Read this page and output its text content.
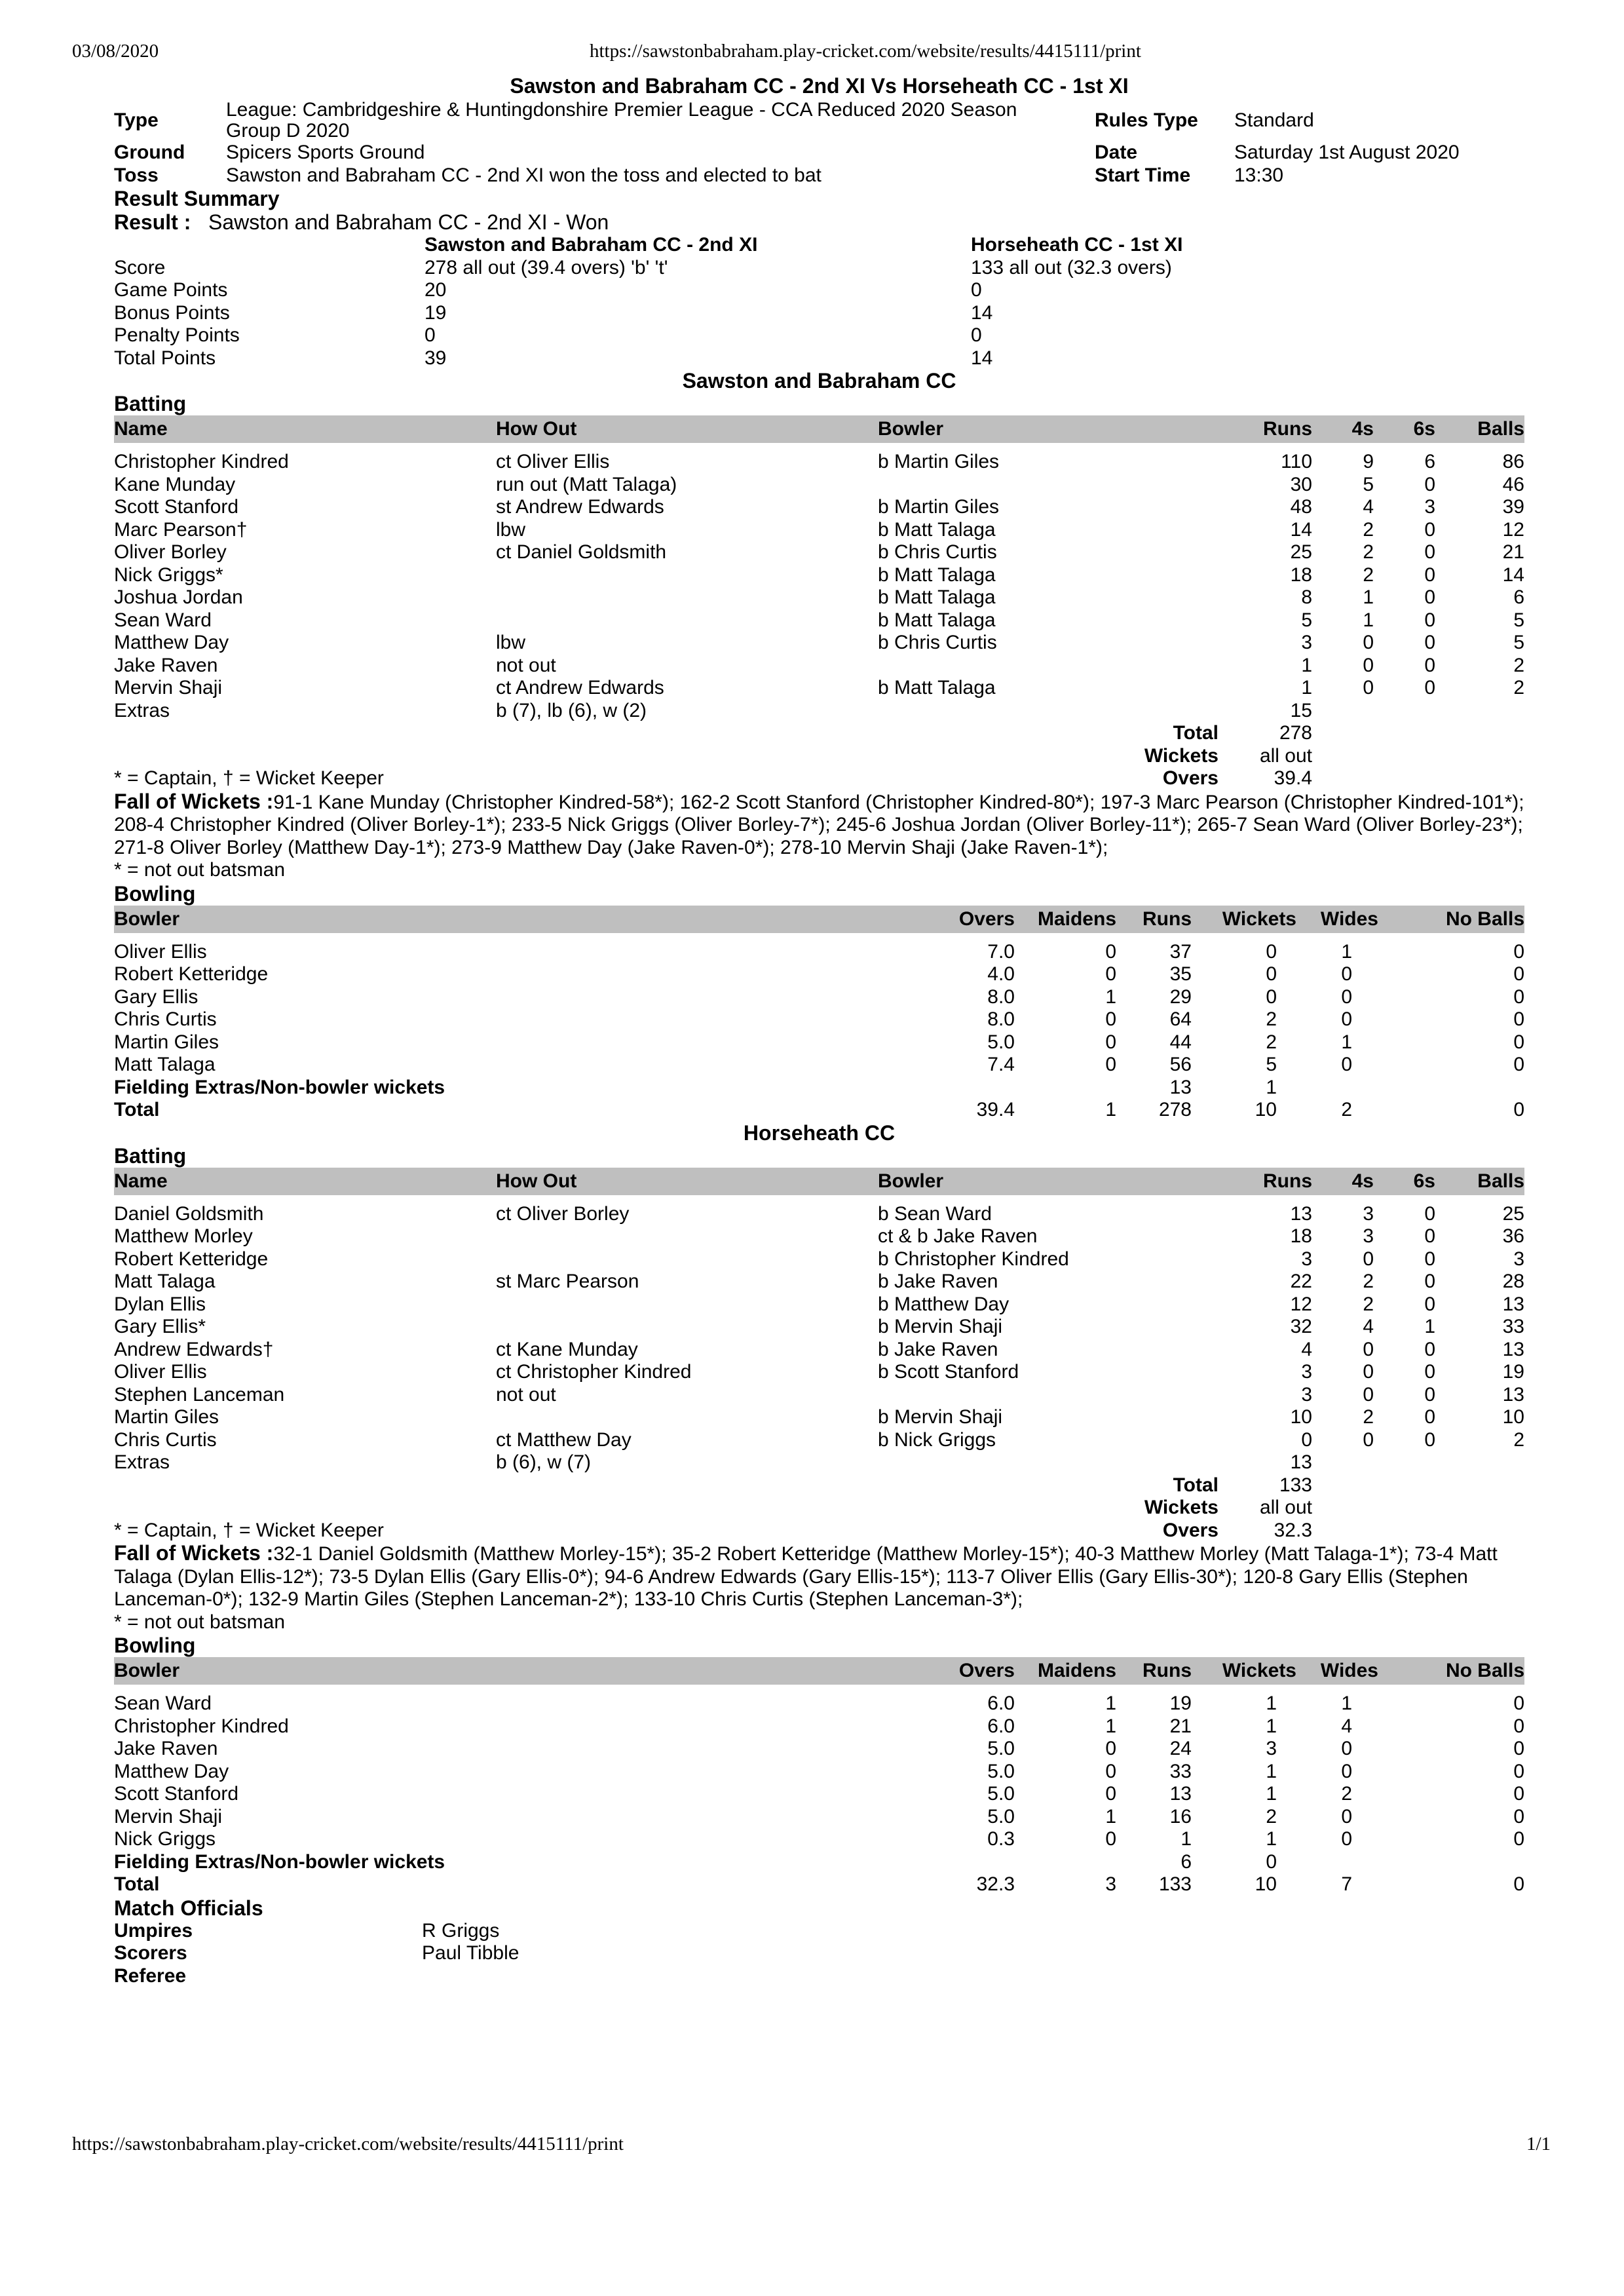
03/08/2020	https://sawstonbabraham.play-cricket.com/website/results/4415111/print
Sawston and Babraham CC - 2nd XI Vs Horseheath CC - 1st XI
Type	League: Cambridgeshire & Huntingdonshire Premier League - CCA Reduced 2020 Season Group D 2020	Rules Type	Standard
Ground	Spicers Sports Ground	Date	Saturday 1st August 2020
Toss	Sawston and Babraham CC - 2nd XI won the toss and elected to bat	Start Time	13:30
Result Summary
Result : Sawston and Babraham CC - 2nd XI - Won
	Sawston and Babraham CC - 2nd XI	Horseheath CC - 1st XI
Score	278 all out (39.4 overs) 'b' 't'	133 all out (32.3 overs)
Game Points	20	0
Bonus Points	19	14
Penalty Points	0	0
Total Points	39	14
Sawston and Babraham CC
Batting
Name	How Out	Bowler	Runs	4s	6s	Balls

Christopher Kindred	ct Oliver Ellis	b Martin Giles	110	9	6	86
Kane Munday	run out (Matt Talaga)		30	5	0	46
Scott Stanford	st Andrew Edwards	b Martin Giles	48	4	3	39
Marc Pearson†	lbw	b Matt Talaga	14	2	0	12
Oliver Borley	ct Daniel Goldsmith	b Chris Curtis	25	2	0	21
Nick Griggs*		b Matt Talaga	18	2	0	14
Joshua Jordan		b Matt Talaga	8	1	0	6
Sean Ward		b Matt Talaga	5	1	0	5
Matthew Day	lbw	b Chris Curtis	3	0	0	5
Jake Raven	not out		1	0	0	2
Mervin Shaji	ct Andrew Edwards	b Matt Talaga	1	0	0	2
Extras	b (7), lb (6), w (2)		15			
		Total	278			
		Wickets	all out			
* = Captain, † = Wicket Keeper		Overs	39.4			
Fall of Wickets :91-1 Kane Munday (Christopher Kindred-58*); 162-2 Scott Stanford (Christopher Kindred-80*); 197-3 Marc Pearson (Christopher Kindred-101*); 208-4 Christopher Kindred (Oliver Borley-1*); 233-5 Nick Griggs (Oliver Borley-7*); 245-6 Joshua Jordan (Oliver Borley-11*); 265-7 Sean Ward (Oliver Borley-23*); 271-8 Oliver Borley (Matthew Day-1*); 273-9 Matthew Day (Jake Raven-0*); 278-10 Mervin Shaji (Jake Raven-1*);
* = not out batsman
Bowling
Bowler	Overs	Maidens	Runs	Wickets	Wides	No Balls

Oliver Ellis	7.0	0	37	0	1	0
Robert Ketteridge	4.0	0	35	0	0	0
Gary Ellis	8.0	1	29	0	0	0
Chris Curtis	8.0	0	64	2	0	0
Martin Giles	5.0	0	44	2	1	0
Matt Talaga	7.4	0	56	5	0	0
Fielding Extras/Non-bowler wickets			13	1		
Total	39.4	1	278	10	2	0
Horseheath CC
Batting
Name	How Out	Bowler	Runs	4s	6s	Balls

Daniel Goldsmith	ct Oliver Borley	b Sean Ward	13	3	0	25
Matthew Morley		ct & b Jake Raven	18	3	0	36
Robert Ketteridge		b Christopher Kindred	3	0	0	3
Matt Talaga	st Marc Pearson	b Jake Raven	22	2	0	28
Dylan Ellis		b Matthew Day	12	2	0	13
Gary Ellis*		b Mervin Shaji	32	4	1	33
Andrew Edwards†	ct Kane Munday	b Jake Raven	4	0	0	13
Oliver Ellis	ct Christopher Kindred	b Scott Stanford	3	0	0	19
Stephen Lanceman	not out		3	0	0	13
Martin Giles		b Mervin Shaji	10	2	0	10
Chris Curtis	ct Matthew Day	b Nick Griggs	0	0	0	2
Extras	b (6), w (7)		13			
		Total	133			
		Wickets	all out			
* = Captain, † = Wicket Keeper		Overs	32.3			
Fall of Wickets :32-1 Daniel Goldsmith (Matthew Morley-15*); 35-2 Robert Ketteridge (Matthew Morley-15*); 40-3 Matthew Morley (Matt Talaga-1*); 73-4 Matt Talaga (Dylan Ellis-12*); 73-5 Dylan Ellis (Gary Ellis-0*); 94-6 Andrew Edwards (Gary Ellis-15*); 113-7 Oliver Ellis (Gary Ellis-30*); 120-8 Gary Ellis (Stephen Lanceman-0*); 132-9 Martin Giles (Stephen Lanceman-2*); 133-10 Chris Curtis (Stephen Lanceman-3*);
* = not out batsman
Bowling
Bowler	Overs	Maidens	Runs	Wickets	Wides	No Balls

Sean Ward	6.0	1	19	1	1	0
Christopher Kindred	6.0	1	21	1	4	0
Jake Raven	5.0	0	24	3	0	0
Matthew Day	5.0	0	33	1	0	0
Scott Stanford	5.0	0	13	1	2	0
Mervin Shaji	5.0	1	16	2	0	0
Nick Griggs	0.3	0	1	1	0	0
Fielding Extras/Non-bowler wickets			6	0		
Total	32.3	3	133	10	7	0
Match Officials
Umpires	R Griggs
Scorers	Paul Tibble
Referee	
https://sawstonbabraham.play-cricket.com/website/results/4415111/print	1/1
